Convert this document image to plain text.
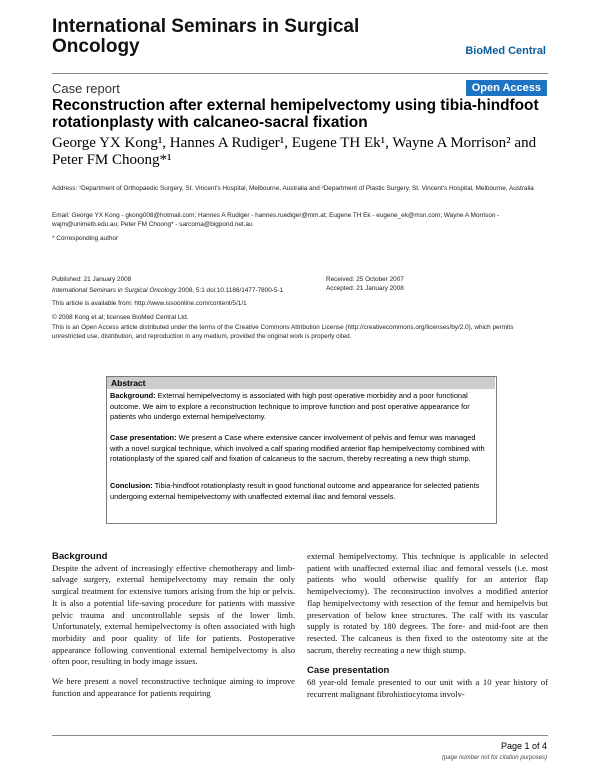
International Seminars in Surgical Oncology	BioMed Central
Case report	Open Access
Reconstruction after external hemipelvectomy using tibia-hindfoot rotationplasty with calcaneo-sacral fixation
George YX Kong¹, Hannes A Rudiger¹, Eugene TH Ek¹, Wayne A Morrison² and Peter FM Choong*¹
Address: ¹Department of Orthopaedic Surgery, St. Vincent's Hospital, Melbourne, Australia and ²Department of Plastic Surgery, St. Vincent's Hospital, Melbourne, Australia
Email: George YX Kong - gkong008@hotmail.com; Hannes A Rudiger - hannes.ruediger@mm.at; Eugene TH Ek - eugene_ek@msn.com; Wayne A Morrison - wajm@unimelb.edu.au; Peter FM Choong* - sarcoma@bigpond.net.au
* Corresponding author
Published: 21 January 2008
International Seminars in Surgical Oncology 2008, 5:1 doi:10.1186/1477-7800-5-1
This article is available from: http://www.issoonline.com/content/5/1/1
Received: 25 October 2007
Accepted: 21 January 2008
© 2008 Kong et al; licensee BioMed Central Ltd.
This is an Open Access article distributed under the terms of the Creative Commons Attribution License (http://creativecommons.org/licenses/by/2.0), which permits unrestricted use, distribution, and reproduction in any medium, provided the original work is properly cited.
Abstract
Background: External hemipelvectomy is associated with high post operative morbidity and a poor functional outcome. We aim to explore a reconstruction technique to improve function and post operative appearance for patients who undergo external hemipelvectomy.
Case presentation: We present a Case where extensive cancer involvement of pelvis and femur was managed with a novel surgical technique, which involved a calf sparing modified anterior flap hemipelvectomy combined with rotationplasty of the spared calf and fixation of calcaneus to the sacrum, thereby recreating a new thigh stump.
Conclusion: Tibia-hindfoot rotationplasty result in good functional outcome and appearance for selected patients undergoing external hemipelvectomy with unaffected external iliac and femoral vessels.
Background
Despite the advent of increasingly effective chemotherapy and limb-salvage surgery, external hemipelvectomy may remain the only surgical treatment for extensive tumors arising from the hip or pelvis. It is also a potential life-saving procedure for patients with massive pelvic trauma and uncontrollable sepsis of the lower limb. Unfortunately, external hemipelvectomy is often associated with high morbidity and poor quality of life for patients. Postoperative appearance following conventional external hemipelvectomy is also often poor, resulting in body image issues.
We here present a novel reconstructive technique aiming to improve function and appearance for patients requiring
external hemipelvectomy. This technique is applicable in selected patient with unaffected external iliac and femoral vessels (i.e. most patients who would otherwise qualify for an anterior flap hemipelvectomy). The reconstruction involves a modified anterior flap hemipelvectomy with resection of the femur and hemipelvis but preservation of below knee structures. The calf with its vascular supply is rotated by 180 degrees. The fore- and mid-foot are then resected. The calcaneus is then fixed to the osteotomy site at the sacrum, thereby recreating a new thigh stump.
Case presentation
68 year-old female presented to our unit with a 10 year history of recurrent malignant fibrohistiocytoma involv-
Page 1 of 4
(page number not for citation purposes)
